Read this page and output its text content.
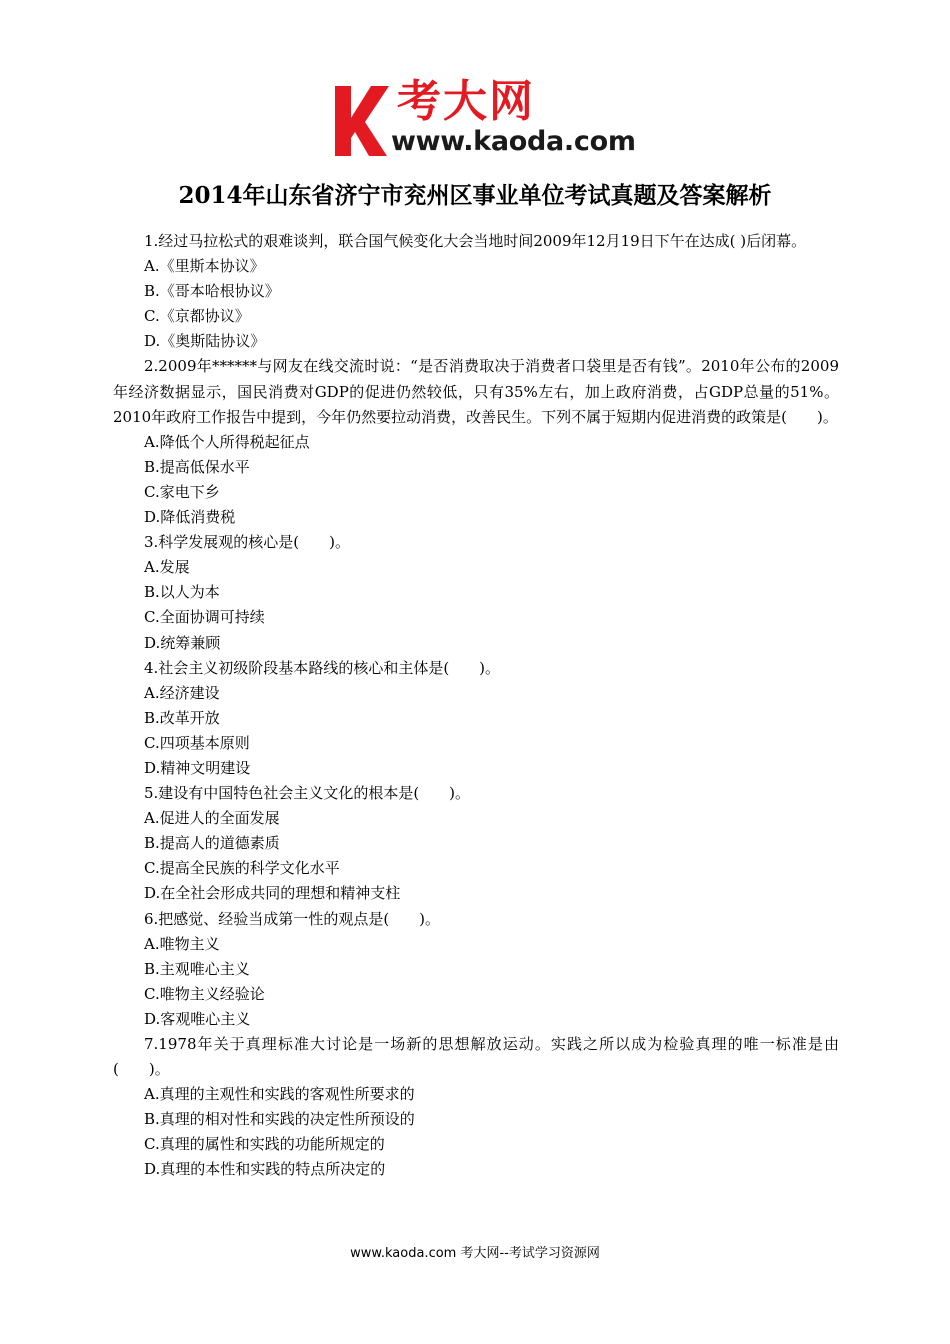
考大网
www.kaoda.com
2014年山东省济宁市兖州区事业单位考试真题及答案解析

1.经过马拉松式的艰难谈判，联合国气候变化大会当地时间2009年12月19日下午在达成( )后闭幕。

A.《里斯本协议》

B.《哥本哈根协议》

C.《京都协议》

D.《奥斯陆协议》

2.2009年******与网友在线交流时说：“是否消费取决于消费者口袋里是否有钱”。2010年公布的2009年经济数据显示，国民消费对GDP的促进仍然较低，只有35%左右，加上政府消费，占GDP总量的51%。2010年政府工作报告中提到，今年仍然要拉动消费，改善民生。下列不属于短期内促进消费的政策是(　　)。

A.降低个人所得税起征点

B.提高低保水平

C.家电下乡

D.降低消费税

3.科学发展观的核心是(　　)。

A.发展

B.以人为本

C.全面协调可持续

D.统筹兼顾

4.社会主义初级阶段基本路线的核心和主体是(　　)。

A.经济建设

B.改革开放

C.四项基本原则

D.精神文明建设

5.建设有中国特色社会主义文化的根本是(　　)。

A.促进人的全面发展

B.提高人的道德素质

C.提高全民族的科学文化水平

D.在全社会形成共同的理想和精神支柱

6.把感觉、经验当成第一性的观点是(　　)。

A.唯物主义

B.主观唯心主义

C.唯物主义经验论

D.客观唯心主义

7.1978年关于真理标准大讨论是一场新的思想解放运动。实践之所以成为检验真理的唯一标准是由(　　)。

A.真理的主观性和实践的客观性所要求的

B.真理的相对性和实践的决定性所预设的

C.真理的属性和实践的功能所规定的

D.真理的本性和实践的特点所决定的

www.kaoda.com 考大网--考试学习资源网
